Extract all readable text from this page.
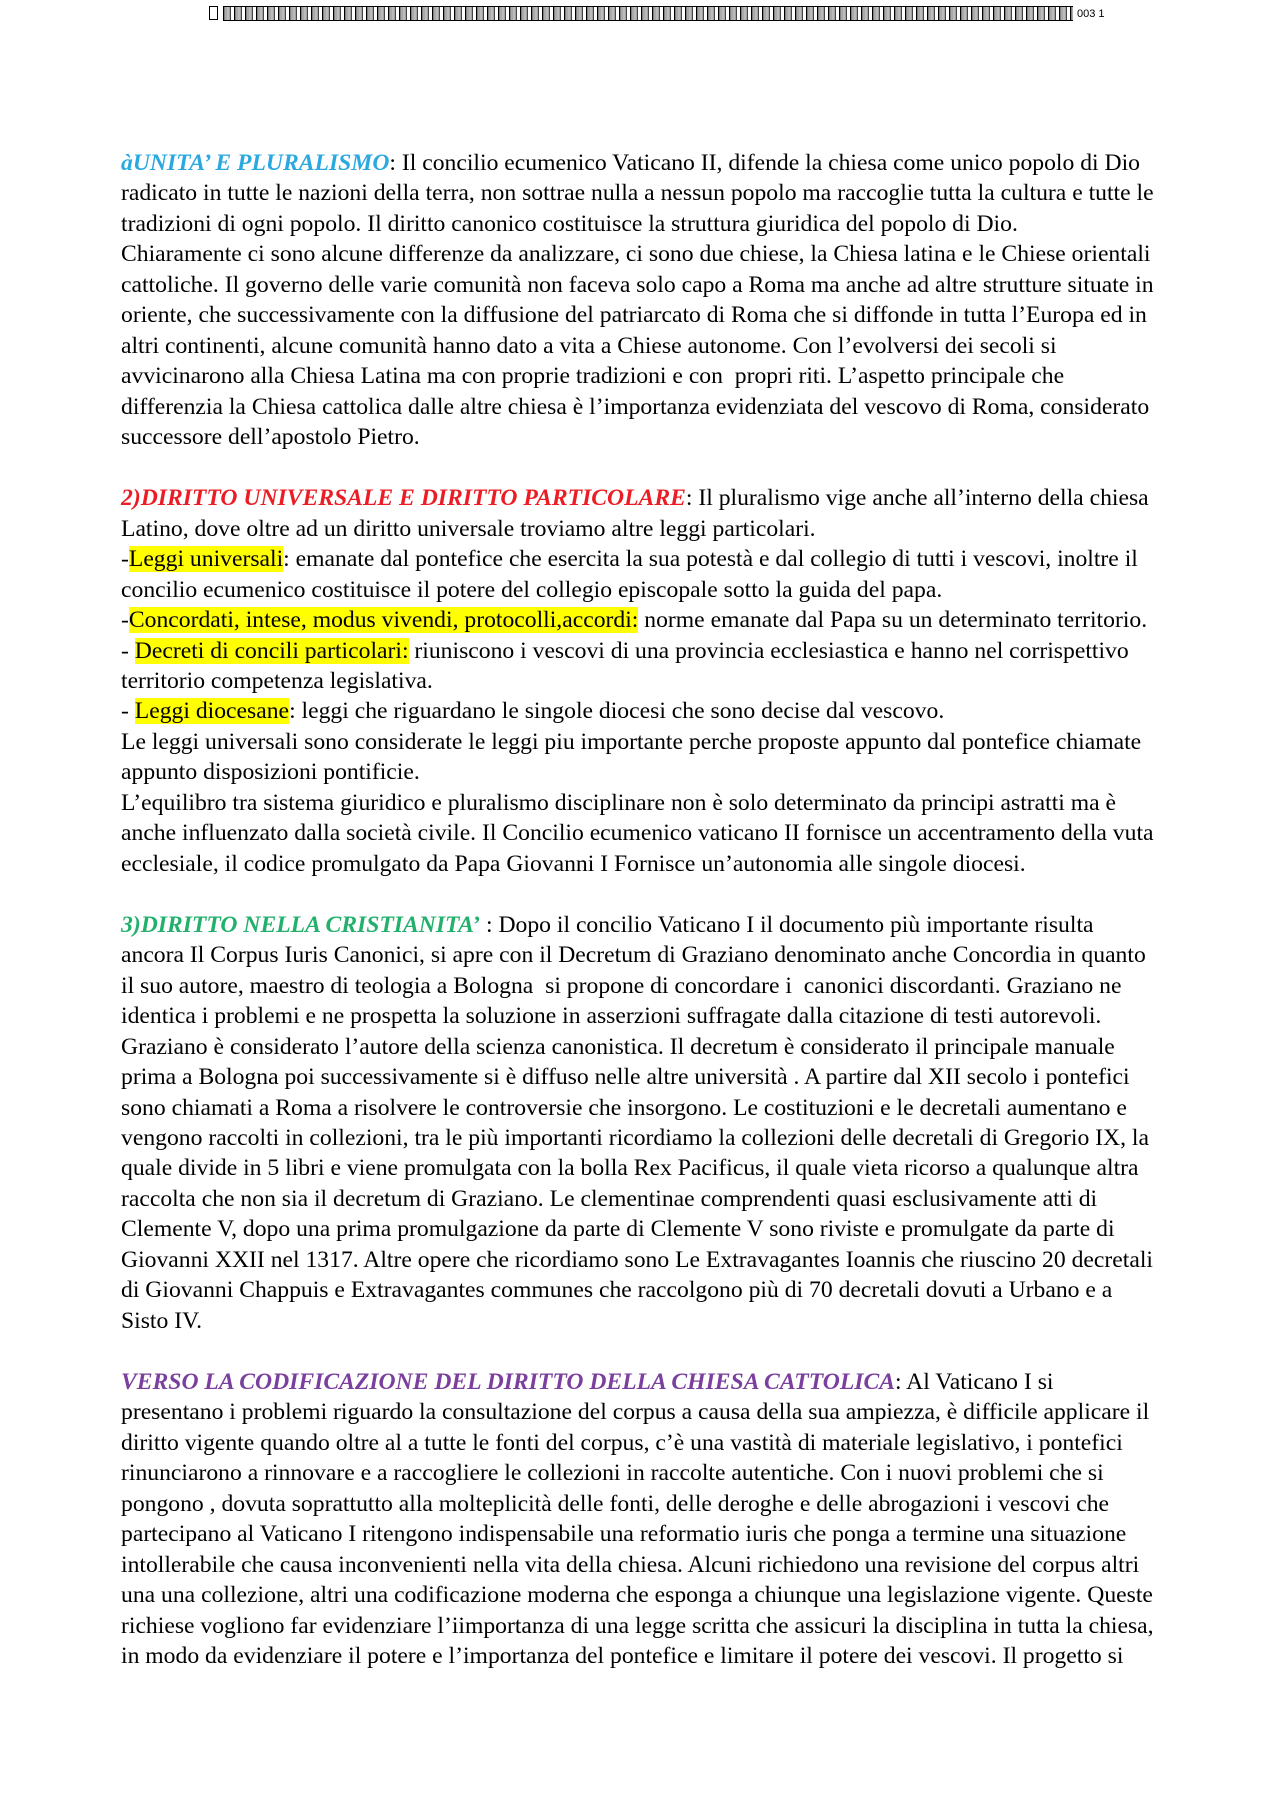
003 1
àUNITA’ E PLURALISMO: Il concilio ecumenico Vaticano II, difende la chiesa come unico popolo di Dio
radicato in tutte le nazioni della terra, non sottrae nulla a nessun popolo ma raccoglie tutta la cultura e tutte le
tradizioni di ogni popolo. Il diritto canonico costituisce la struttura giuridica del popolo di Dio.
Chiaramente ci sono alcune differenze da analizzare, ci sono due chiese, la Chiesa latina e le Chiese orientali
cattoliche. Il governo delle varie comunità non faceva solo capo a Roma ma anche ad altre strutture situate in
oriente, che successivamente con la diffusione del patriarcato di Roma che si diffonde in tutta l’Europa ed in
altri continenti, alcune comunità hanno dato a vita a Chiese autonome. Con l’evolversi dei secoli si
avvicinarono alla Chiesa Latina ma con proprie tradizioni e con  propri riti. L’aspetto principale che
differenzia la Chiesa cattolica dalle altre chiesa è l’importanza evidenziata del vescovo di Roma, considerato
successore dell’apostolo Pietro.
2)DIRITTO UNIVERSALE E DIRITTO PARTICOLARE: Il pluralismo vige anche all’interno della chiesa
Latino, dove oltre ad un diritto universale troviamo altre leggi particolari.
-Leggi universali: emanate dal pontefice che esercita la sua potestà e dal collegio di tutti i vescovi, inoltre il
concilio ecumenico costituisce il potere del collegio episcopale sotto la guida del papa.
-Concordati, intese, modus vivendi, protocolli,accordi: norme emanate dal Papa su un determinato territorio.
- Decreti di concili particolari: riuniscono i vescovi di una provincia ecclesiastica e hanno nel corrispettivo
territorio competenza legislativa.
- Leggi diocesane: leggi che riguardano le singole diocesi che sono decise dal vescovo.
Le leggi universali sono considerate le leggi piu importante perche proposte appunto dal pontefice chiamate
appunto disposizioni pontificie.
L’equilibro tra sistema giuridico e pluralismo disciplinare non è solo determinato da principi astratti ma è
anche influenzato dalla società civile. Il Concilio ecumenico vaticano II fornisce un accentramento della vuta
ecclesiale, il codice promulgato da Papa Giovanni I Fornisce un’autonomia alle singole diocesi.
3)DIRITTO NELLA CRISTIANITA’ : Dopo il concilio Vaticano I il documento più importante risulta
ancora Il Corpus Iuris Canonici, si apre con il Decretum di Graziano denominato anche Concordia in quanto
il suo autore, maestro di teologia a Bologna  si propone di concordare i  canonici discordanti. Graziano ne
identica i problemi e ne prospetta la soluzione in asserzioni suffragate dalla citazione di testi autorevoli.
Graziano è considerato l’autore della scienza canonistica. Il decretum è considerato il principale manuale
prima a Bologna poi successivamente si è diffuso nelle altre università . A partire dal XII secolo i pontefici
sono chiamati a Roma a risolvere le controversie che insorgono. Le costituzioni e le decretali aumentano e
vengono raccolti in collezioni, tra le più importanti ricordiamo la collezioni delle decretali di Gregorio IX, la
quale divide in 5 libri e viene promulgata con la bolla Rex Pacificus, il quale vieta ricorso a qualunque altra
raccolta che non sia il decretum di Graziano. Le clementinae comprendenti quasi esclusivamente atti di
Clemente V, dopo una prima promulgazione da parte di Clemente V sono riviste e promulgate da parte di
Giovanni XXII nel 1317. Altre opere che ricordiamo sono Le Extravagantes Ioannis che riuscino 20 decretali
di Giovanni Chappuis e Extravagantes communes che raccolgono più di 70 decretali dovuti a Urbano e a
Sisto IV.
VERSO LA CODIFICAZIONE DEL DIRITTO DELLA CHIESA CATTOLICA: Al Vaticano I si
presentano i problemi riguardo la consultazione del corpus a causa della sua ampiezza, è difficile applicare il
diritto vigente quando oltre al a tutte le fonti del corpus, c’è una vastità di materiale legislativo, i pontefici
rinunciarono a rinnovare e a raccogliere le collezioni in raccolte autentiche. Con i nuovi problemi che si
pongono , dovuta soprattutto alla molteplicità delle fonti, delle deroghe e delle abrogazioni i vescovi che
partecipano al Vaticano I ritengono indispensabile una reformatio iuris che ponga a termine una situazione
intollerabile che causa inconvenienti nella vita della chiesa. Alcuni richiedono una revisione del corpus altri
una una collezione, altri una codificazione moderna che esponga a chiunque una legislazione vigente. Queste
richiese vogliono far evidenziare l’iimportanza di una legge scritta che assicuri la disciplina in tutta la chiesa,
in modo da evidenziare il potere e l’importanza del pontefice e limitare il potere dei vescovi. Il progetto si
